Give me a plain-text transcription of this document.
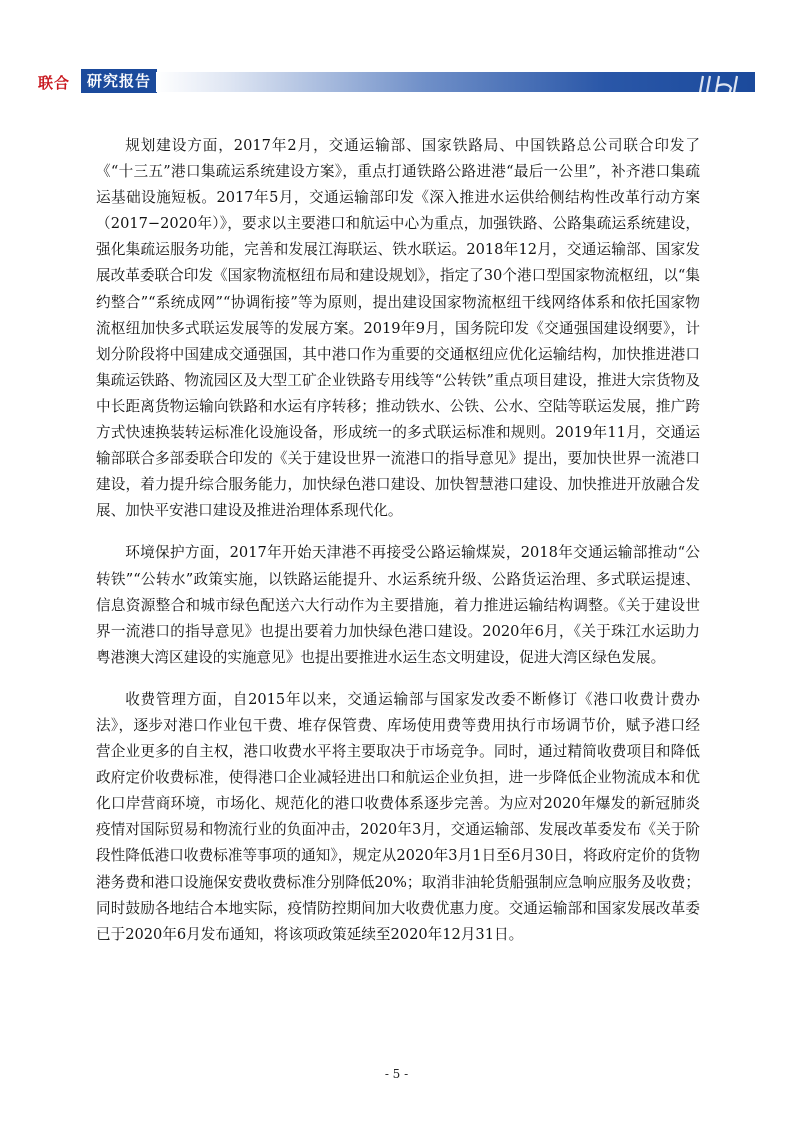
联合	研究报告

规划建设方面，2017年2月，交通运输部、国家铁路局、中国铁路总公司联合印发了《“十三五”港口集疏运系统建设方案》，重点打通铁路公路进港“最后一公里”，补齐港口集疏运基础设施短板。2017年5月，交通运输部印发《深入推进水运供给侧结构性改革行动方案（2017−2020年）》，要求以主要港口和航运中心为重点，加强铁路、公路集疏运系统建设，强化集疏运服务功能，完善和发展江海联运、铁水联运。2018年12月，交通运输部、国家发展改革委联合印发《国家物流枢纽布局和建设规划》，指定了30个港口型国家物流枢纽，以“集约整合”“系统成网”“协调衔接”等为原则，提出建设国家物流枢纽干线网络体系和依托国家物流枢纽加快多式联运发展等的发展方案。2019年9月，国务院印发《交通强国建设纲要》，计划分阶段将中国建成交通强国，其中港口作为重要的交通枢纽应优化运输结构，加快推进港口集疏运铁路、物流园区及大型工矿企业铁路专用线等“公转铁”重点项目建设，推进大宗货物及中长距离货物运输向铁路和水运有序转移；推动铁水、公铁、公水、空陆等联运发展，推广跨方式快速换装转运标准化设施设备，形成统一的多式联运标准和规则。2019年11月，交通运输部联合多部委联合印发的《关于建设世界一流港口的指导意见》提出，要加快世界一流港口建设，着力提升综合服务能力，加快绿色港口建设、加快智慧港口建设、加快推进开放融合发展、加快平安港口建设及推进治理体系现代化。

环境保护方面，2017年开始天津港不再接受公路运输煤炭，2018年交通运输部推动“公转铁”“公转水”政策实施，以铁路运能提升、水运系统升级、公路货运治理、多式联运提速、信息资源整合和城市绿色配送六大行动作为主要措施，着力推进运输结构调整。《关于建设世界一流港口的指导意见》也提出要着力加快绿色港口建设。2020年6月，《关于珠江水运助力粤港澳大湾区建设的实施意见》也提出要推进水运生态文明建设，促进大湾区绿色发展。

收费管理方面，自2015年以来，交通运输部与国家发改委不断修订《港口收费计费办法》，逐步对港口作业包干费、堆存保管费、库场使用费等费用执行市场调节价，赋予港口经营企业更多的自主权，港口收费水平将主要取决于市场竞争。同时，通过精简收费项目和降低政府定价收费标准，使得港口企业减轻进出口和航运企业负担，进一步降低企业物流成本和优化口岸营商环境，市场化、规范化的港口收费体系逐步完善。为应对2020年爆发的新冠肺炎疫情对国际贸易和物流行业的负面冲击，2020年3月，交通运输部、发展改革委发布《关于阶段性降低港口收费标准等事项的通知》，规定从2020年3月1日至6月30日，将政府定价的货物港务费和港口设施保安费收费标准分别降低20%；取消非油轮货船强制应急响应服务及收费；同时鼓励各地结合本地实际，疫情防控期间加大收费优惠力度。交通运输部和国家发展改革委已于2020年6月发布通知，将该项政策延续至2020年12月31日。

- 5 -
